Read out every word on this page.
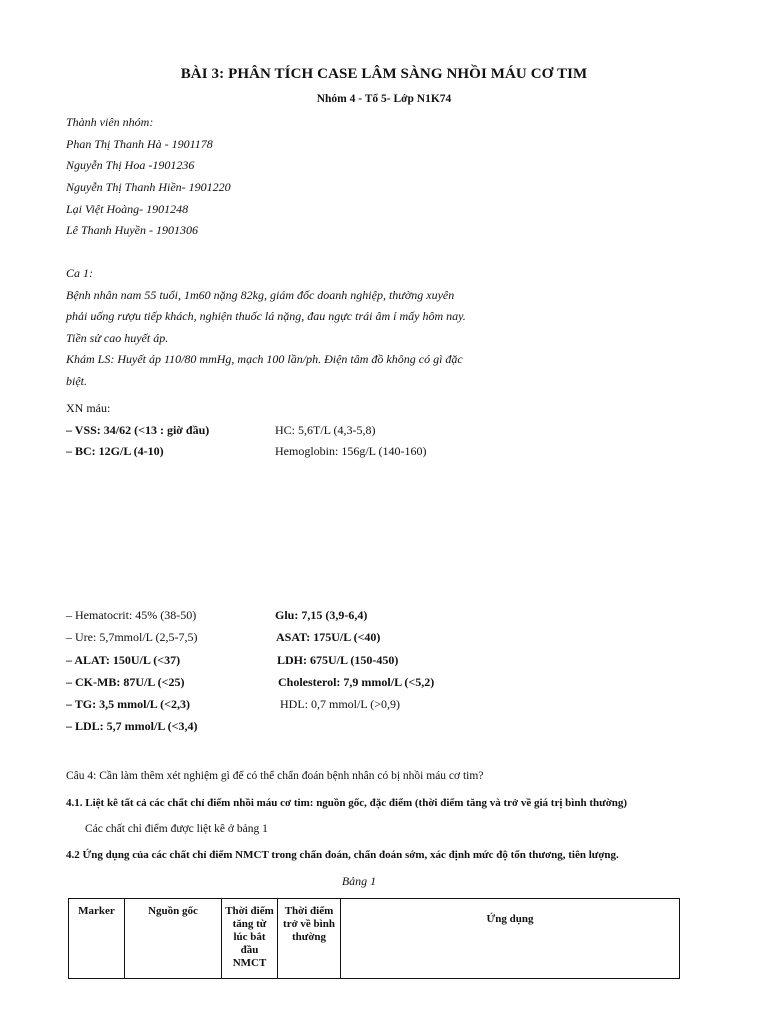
BÀI 3: PHÂN TÍCH CASE LÂM SÀNG NHỒI MÁU CƠ TIM
Nhóm 4 - Tổ 5- Lớp N1K74
Thành viên nhóm:
Phan Thị Thanh Hà - 1901178
Nguyễn Thị Hoa -1901236
Nguyễn Thị Thanh Hiền- 1901220
Lại Việt Hoàng- 1901248
Lê Thanh Huyền - 1901306
Ca 1:
Bệnh nhân nam 55 tuổi, 1m60 nặng 82kg, giám đốc doanh nghiệp, thường xuyên
phải uống rượu tiếp khách, nghiện thuốc lá nặng, đau ngực trái âm ỉ mấy hôm nay.
Tiền sử cao huyết áp.
Khám LS: Huyết áp 110/80 mmHg, mạch 100 lần/ph. Điện tâm đồ không có gì đặc
biệt.
XN máu:
– VSS: 34/62 (<13 : giờ đầu)	HC: 5,6T/L (4,3-5,8)
– BC: 12G/L (4-10)	Hemoglobin: 156g/L (140-160)
– Hematocrit: 45% (38-50)	Glu: 7,15 (3,9-6,4)
– Ure: 5,7mmol/L (2,5-7,5)	ASAT: 175U/L (<40)
– ALAT: 150U/L (<37)	LDH: 675U/L (150-450)
– CK-MB: 87U/L (<25)	Cholesterol: 7,9 mmol/L (<5,2)
– TG: 3,5 mmol/L (<2,3)	HDL: 0,7 mmol/L (>0,9)
– LDL: 5,7 mmol/L (<3,4)
Câu 4: Cần làm thêm xét nghiệm gì để có thể chẩn đoán bệnh nhân có bị nhồi máu cơ tim?
4.1. Liệt kê tất cả các chất chỉ điểm nhồi máu cơ tim: nguồn gốc, đặc điểm (thời điểm tăng và trở về giá trị bình thường)
Các chất chỉ điểm được liệt kê ở bảng 1
4.2 Ứng dụng của các chất chỉ điểm NMCT trong chẩn đoán, chẩn đoán sớm, xác định mức độ tổn thương, tiên lượng.
Bảng 1
Marker	Nguồn gốc	Thời điểm tăng từ lúc bắt đầu NMCT	Thời điểm trở về bình thường	Ứng dụng
